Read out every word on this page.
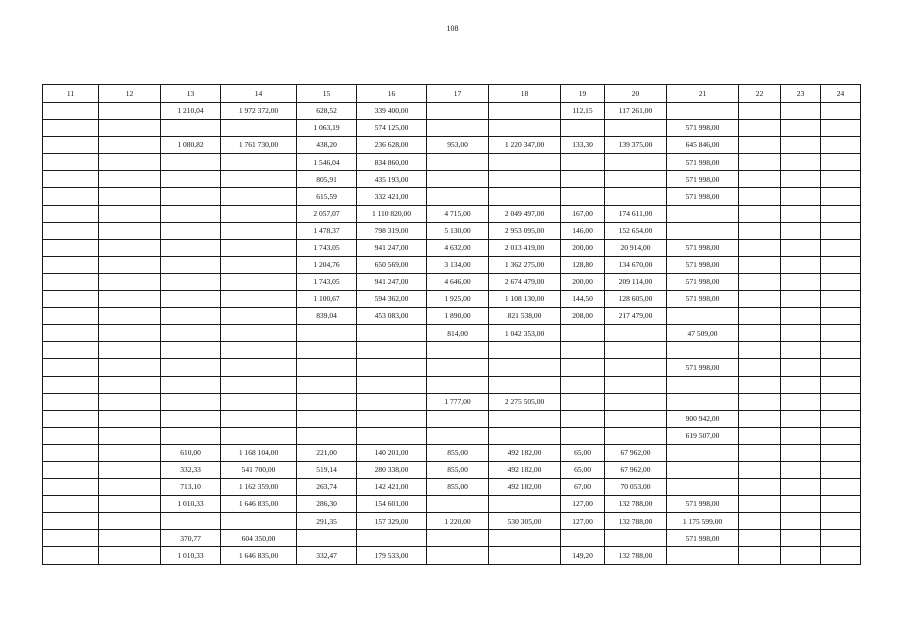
108
11	12	13	14	15	16	17	18	19	20	21	22	23	24
		1 210,04	1 972 372,00	628,52	339 400,00			112,15	117 261,00				
				1 063,19	574 125,00					571 998,00			
		1 080,82	1 761 730,00	438,20	236 628,00	953,00	1 220 347,00	133,30	139 375,00	645 846,00			
				1 546,04	834 860,00					571 998,00			
				805,91	435 193,00					571 998,00			
				615,59	332 421,00					571 998,00			
				2 057,07	1 110 820,00	4 715,00	2 049 497,00	167,00	174 611,00				
				1 478,37	798 319,00	5 130,00	2 953 095,00	146,00	152 654,00				
				1 743,05	941 247,00	4 632,00	2 013 419,00	200,00	20 914,00	571 998,00			
				1 204,76	650 569,00	3 134,00	1 362 275,00	128,80	134 670,00	571 998,00			
				1 743,05	941 247,00	4 646,00	2 674 479,00	200,00	209 114,00	571 998,00			
				1 100,67	594 362,00	1 925,00	1 108 130,00	144,50	128 605,00	571 998,00			
				839,04	453 083,00	1 890,00	821 538,00	208,00	217 479,00				
						814,00	1 042 353,00			47 509,00			

										571 998,00			

						1 777,00	2 275 505,00						
										900 942,00			
										619 507,00			
		610,00	1 168 104,00	221,00	140 201,00	855,00	492 182,00	65,00	67 962,00				
		332,33	541 700,00	519,14	280 338,00	855,00	492 182,00	65,00	67 962,00				
		713,10	1 162 359,00	263,74	142 421,00	855,00	492 182,00	67,00	70 053,00				
		1 010,33	1 646 835,00	286,30	154 601,00			127,00	132 788,00	571 998,00			
				291,35	157 329,00	1 220,00	530 305,00	127,00	132 788,00	1 175 599,00			
		370,77	604 350,00							571 998,00			
		1 010,33	1 646 835,00	332,47	179 533,00			149,20	132 788,00				
